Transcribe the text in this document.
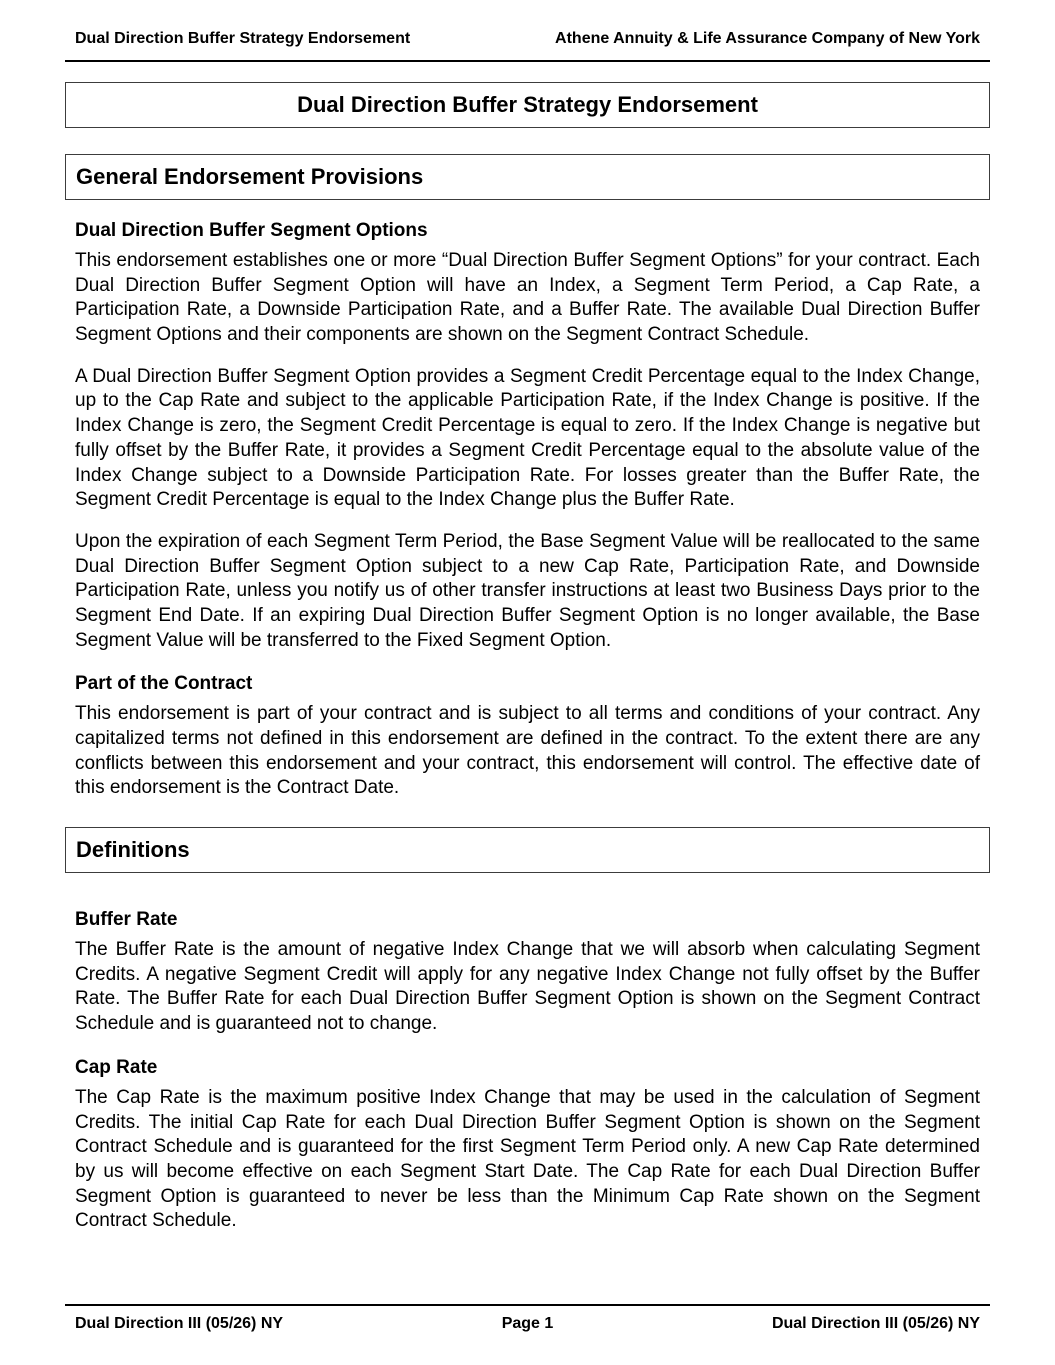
Dual Direction Buffer Strategy Endorsement	Athene Annuity & Life Assurance Company of New York
Dual Direction Buffer Strategy Endorsement
General Endorsement Provisions
Dual Direction Buffer Segment Options

This endorsement establishes one or more “Dual Direction Buffer Segment Options” for your contract. Each Dual Direction Buffer Segment Option will have an Index, a Segment Term Period, a Cap Rate, a Participation Rate, a Downside Participation Rate, and a Buffer Rate. The available Dual Direction Buffer Segment Options and their components are shown on the Segment Contract Schedule.

A Dual Direction Buffer Segment Option provides a Segment Credit Percentage equal to the Index Change, up to the Cap Rate and subject to the applicable Participation Rate, if the Index Change is positive. If the Index Change is zero, the Segment Credit Percentage is equal to zero. If the Index Change is negative but fully offset by the Buffer Rate, it provides a Segment Credit Percentage equal to the absolute value of the Index Change subject to a Downside Participation Rate. For losses greater than the Buffer Rate, the Segment Credit Percentage is equal to the Index Change plus the Buffer Rate.

Upon the expiration of each Segment Term Period, the Base Segment Value will be reallocated to the same Dual Direction Buffer Segment Option subject to a new Cap Rate, Participation Rate, and Downside Participation Rate, unless you notify us of other transfer instructions at least two Business Days prior to the Segment End Date. If an expiring Dual Direction Buffer Segment Option is no longer available, the Base Segment Value will be transferred to the Fixed Segment Option.

Part of the Contract

This endorsement is part of your contract and is subject to all terms and conditions of your contract. Any capitalized terms not defined in this endorsement are defined in the contract. To the extent there are any conflicts between this endorsement and your contract, this endorsement will control. The effective date of this endorsement is the Contract Date.

Definitions
Buffer Rate

The Buffer Rate is the amount of negative Index Change that we will absorb when calculating Segment Credits. A negative Segment Credit will apply for any negative Index Change not fully offset by the Buffer Rate. The Buffer Rate for each Dual Direction Buffer Segment Option is shown on the Segment Contract Schedule and is guaranteed not to change.

Cap Rate

The Cap Rate is the maximum positive Index Change that may be used in the calculation of Segment Credits. The initial Cap Rate for each Dual Direction Buffer Segment Option is shown on the Segment Contract Schedule and is guaranteed for the first Segment Term Period only. A new Cap Rate determined by us will become effective on each Segment Start Date. The Cap Rate for each Dual Direction Buffer Segment Option is guaranteed to never be less than the Minimum Cap Rate shown on the Segment Contract Schedule.

Dual Direction III (05/26) NY	Page 1	Dual Direction III (05/26) NY
